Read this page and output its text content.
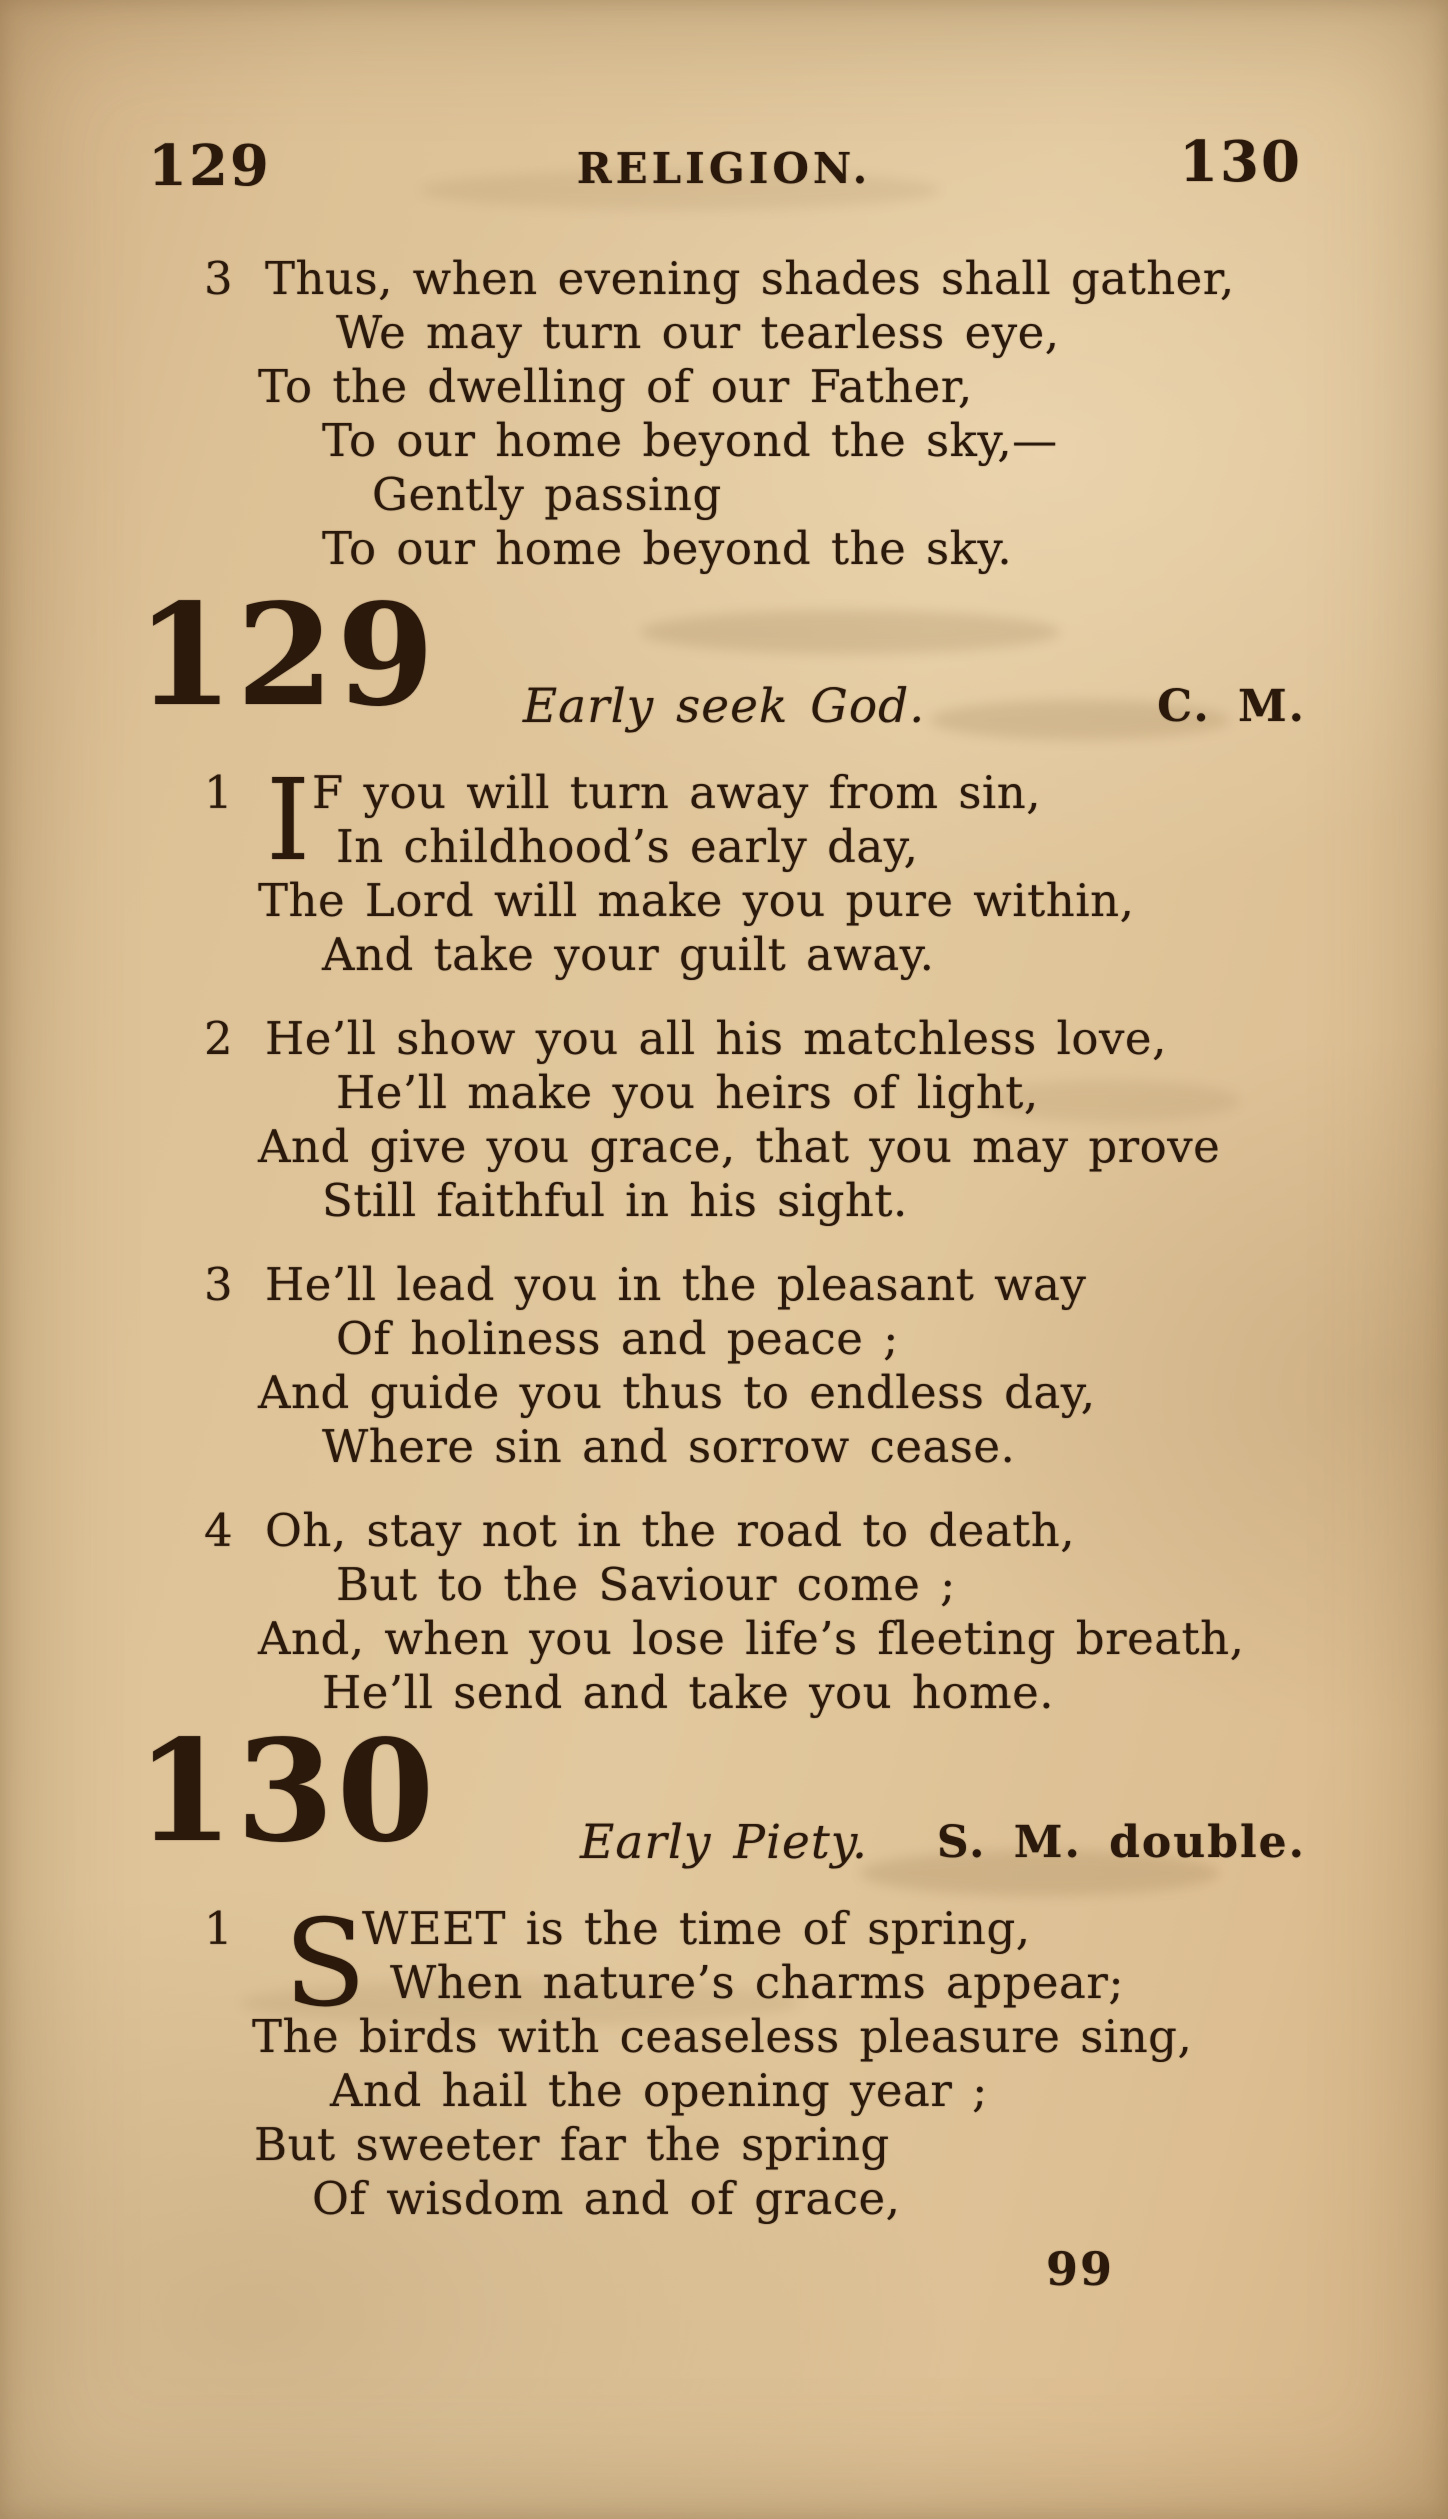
129	RELIGION.	130
3 Thus, when evening shades shall gather,
We may turn our tearless eye,
To the dwelling of our Father,
To our home beyond the sky,—
Gently passing
To our home beyond the sky.
129	Early seek God.	C. M.
1 I F you will turn away from sin,
In childhood’s early day,
The Lord will make you pure within,
And take your guilt away.
2 He’ll show you all his matchless love,
He’ll make you heirs of light,
And give you grace, that you may prove
Still faithful in his sight.
3 He’ll lead you in the pleasant way
Of holiness and peace ;
And guide you thus to endless day,
Where sin and sorrow cease.
4 Oh, stay not in the road to death,
But to the Saviour come ;
And, when you lose life’s fleeting breath,
He’ll send and take you home.
130	Early Piety.	S. M. double.
1 S
WEET is the time of spring,
When nature’s charms appear;
The birds with ceaseless pleasure sing,
And hail the opening year ;
But sweeter far the spring
Of wisdom and of grace,
99
